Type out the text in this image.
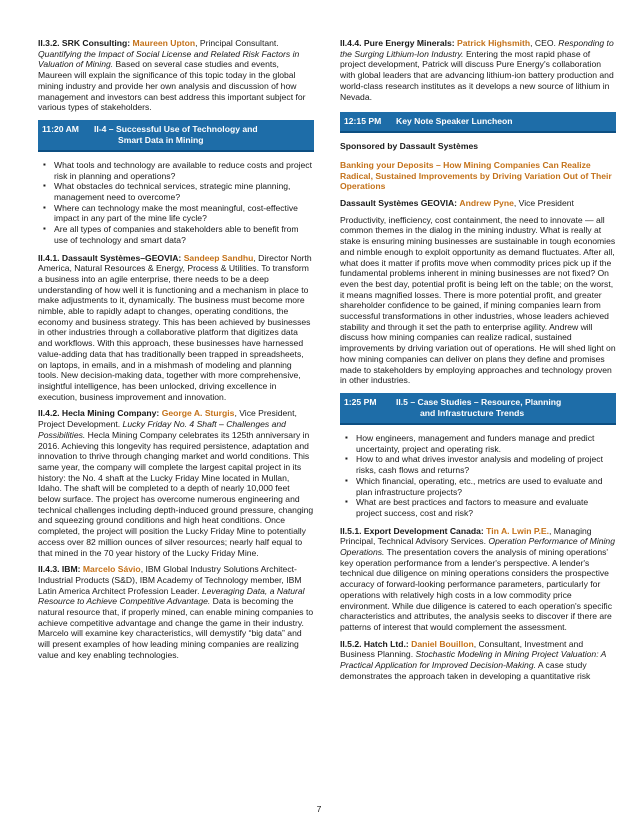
II.3.2. SRK Consulting: Maureen Upton, Principal Consultant. Quantifying the Impact of Social License and Related Risk Factors in Valuation of Mining. Based on several case studies and events, Maureen will explain the significance of this topic today in the global mining industry and provide her own analysis and discussion of how management and investors can best address this important subject for various types of stakeholders.

11:20 AM	II-4 – Successful Use of Technology and
Smart Data in Mining
▪ What tools and technology are available to reduce costs and project risk in planning and operations?
▪ What obstacles do technical services, strategic mine planning, management need to overcome?
▪ Where can technology make the most meaningful, cost-effective impact in any part of the mine life cycle?
▪ Are all types of companies and stakeholders able to benefit from use of technology and smart data?

II.4.1. Dassault Systèmes–GEOVIA: Sandeep Sandhu, Director North America, Natural Resources & Energy, Process & Utilities. To transform a business into an agile enterprise, there needs to be a deep understanding of how well it is functioning and a mechanism in place to make adjustments to it, dynamically. The business must become more nimble, able to rapidly adapt to changes, operating conditions, the economy and business strategy. This has been achieved by businesses in other industries through a collaborative platform that digitizes data and workflows. With this approach, these businesses have harnessed value-adding data that has traditionally been trapped in spreadsheets, on laptops, in emails, and in a mishmash of modeling and planning tools. New decision-making data, together with more comprehensive, insightful intelligence, has been unlocked, driving excellence in execution, business improvement and innovation.

II.4.2. Hecla Mining Company: George A. Sturgis, Vice President, Project Development. Lucky Friday No. 4 Shaft – Challenges and Possibilities. Hecla Mining Company celebrates its 125th anniversary in 2016. Achieving this longevity has required persistence, adaptation and innovation to thrive through changing market and world conditions. This same year, the company will complete the largest capital project in its history: the No. 4 shaft at the Lucky Friday Mine located in Mullan, Idaho. The shaft will be completed to a depth of nearly 10,000 feet below surface. The project has overcome numerous engineering and technical challenges including depth-induced ground pressure, changing and squeezing ground conditions and high heat conditions. Once completed, the project will position the Lucky Friday Mine to potentially access over 82 million ounces of silver resources; nearly half equal to that mined in the 70 year history of the Lucky Friday Mine.

II.4.3. IBM: Marcelo Sávio, IBM Global Industry Solutions Architect-Industrial Products (S&D), IBM Academy of Technology member, IBM Latin America Architect Profession Leader. Leveraging Data, a Natural Resource to Achieve Competitive Advantage. Data is becoming the natural resource that, if properly mined, can enable mining companies to achieve competitive advantage and change the game in their industry. Marcelo will examine key characteristics, will demystify “big data” and will present examples of how leading mining companies are realizing value and key enabling technologies.

II.4.4. Pure Energy Minerals: Patrick Highsmith, CEO. Responding to the Surging Lithium-Ion Industry. Entering the most rapid phase of project development, Patrick will discuss Pure Energy's collaboration with global leaders that are advancing lithium-ion battery production and world-class research institutes as it develops a new source of lithium in Nevada.

12:15 PM	Key Note Speaker Luncheon

Sponsored by Dassault Systèmes

Banking your Deposits – How Mining Companies Can Realize Radical, Sustained Improvements by Driving Variation Out of Their Operations

Dassault Systèmes GEOVIA: Andrew Pyne, Vice President

Productivity, inefficiency, cost containment, the need to innovate — all common themes in the dialog in the mining industry. What is really at stake is ensuring mining businesses are sustainable in tough economies and nimble enough to exploit opportunity as demand fluctuates. After all, what does it matter if profits move when commodity prices pick up if the fundamental problems inherent in mining businesses are not fixed? On even the best day, potential profit is being left on the table; on the worst, it means magnified losses. There is more potential profit, and greater shareholder confidence to be gained, if mining companies learn from successful transformations in other industries, whose leaders achieved stability and through it set the path to enterprise agility. Andrew will discuss how mining companies can realize radical, sustained improvements by driving variation out of operations. He will shed light on how mining companies can deliver on plans they define and promises made to stakeholders by employing approaches and technology proven in other industries.

1:25 PM	II.5 – Case Studies – Resource, Planning
and Infrastructure Trends
▪ How engineers, management and funders manage and predict uncertainty, project and operating risk.
▪ How to and what drives investor analysis and modeling of project risks, cash flows and returns?
▪ Which financial, operating, etc., metrics are used to evaluate and plan infrastructure projects?
▪ What are best practices and factors to measure and evaluate project success, cost and risk?

II.5.1. Export Development Canada: Tin A. Lwin P.E., Managing Principal, Technical Advisory Services. Operation Performance of Mining Operations. The presentation covers the analysis of mining operations' key operation performance from a lender's perspective. A lender's technical due diligence on mining operations considers the prospective accuracy of forward-looking performance parameters, particularly for operations with relatively high costs in a low commodity price environment. While due diligence is catered to each operation's specific characteristics and attributes, the analysis seeks to discover if there are patterns of interest that would complement the assessment.

II.5.2. Hatch Ltd.: Daniel Bouillon, Consultant, Investment and Business Planning. Stochastic Modeling in Mining Project Valuation: A Practical Application for Improved Decision-Making. A case study demonstrates the approach taken in developing a quantitative risk

7
